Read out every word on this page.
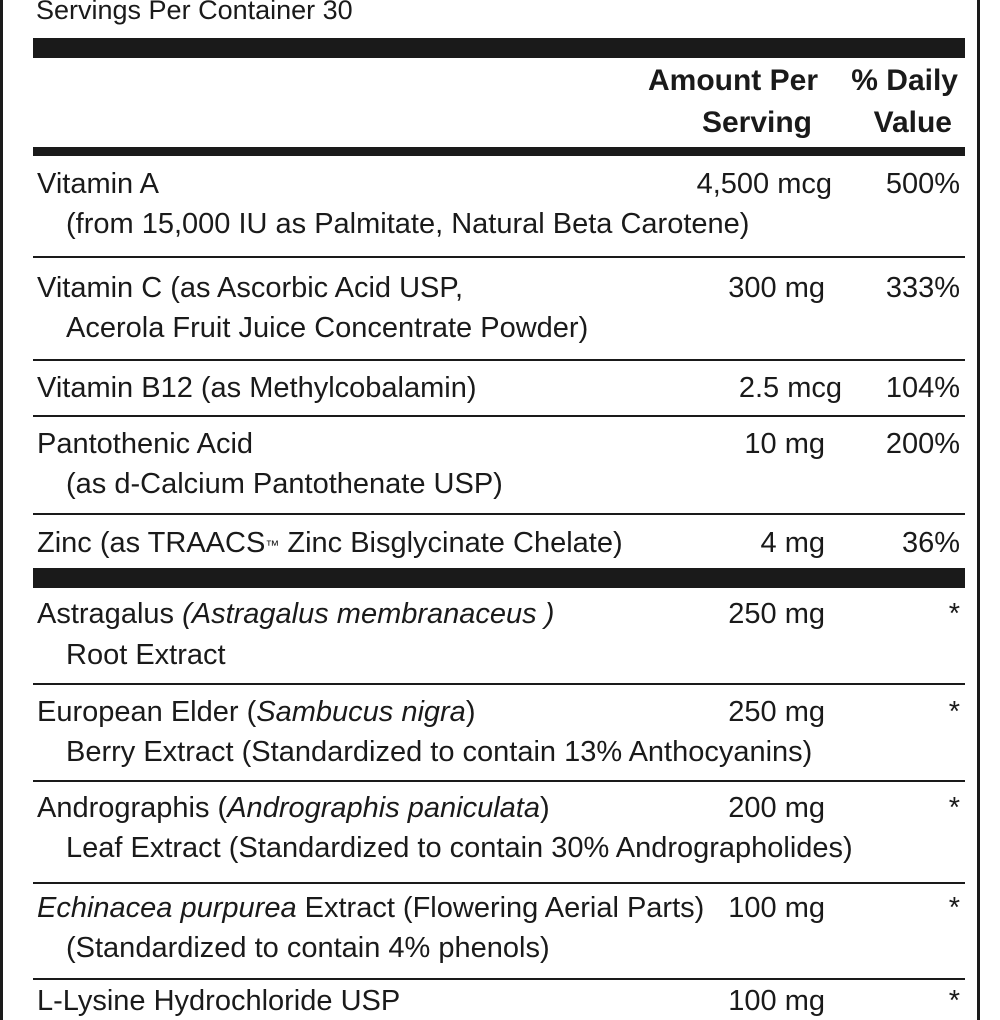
Servings Per Container 30
Amount Per
Serving
% Daily
Value
Vitamin A
(from 15,000 IU as Palmitate, Natural Beta Carotene)
4,500 mcg 500%
Vitamin C (as Ascorbic Acid USP,
Acerola Fruit Juice Concentrate Powder)
300 mg 333%
Vitamin B12 (as Methylcobalamin)	2.5 mcg 104%
Pantothenic Acid
(as d-Calcium Pantothenate USP)
10 mg 200%
Zinc (as TRAACS™ Zinc Bisglycinate Chelate)	4 mg	36%
Astragalus (Astragalus membranaceus )
Root Extract
250 mg	*
European Elder (Sambucus nigra)
Berry Extract (Standardized to contain 13% Anthocyanins)
250 mg	*
Andrographis (Andrographis paniculata)
Leaf Extract (Standardized to contain 30% Andrographolides)
200 mg	*
Echinacea purpurea Extract (Flowering Aerial Parts)
(Standardized to contain 4% phenols)
100 mg	*
L-Lysine Hydrochloride USP	100 mg	*
